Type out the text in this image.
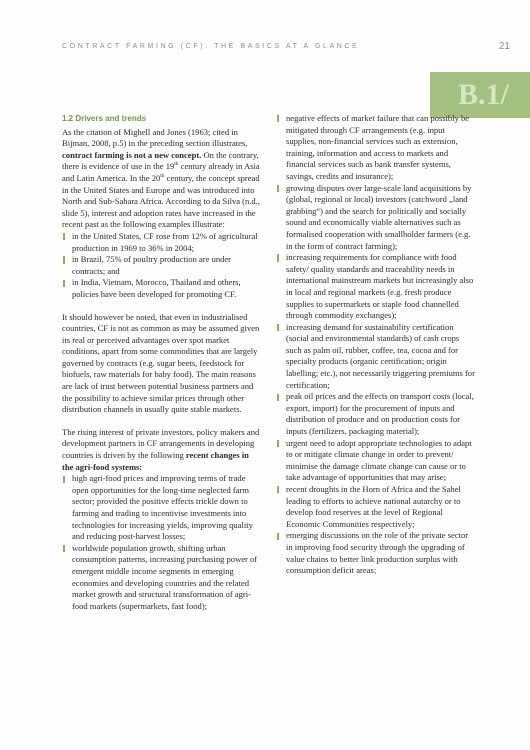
CONTRACT FARMING (CF): THE BASICS AT A GLANCE	21
B.1/
1.2 Drivers and trends

As the citation of Mighell and Jones (1963; cited in Bijman, 2008, p.5) in the preceding section illustrates, contract farming is not a new concept. On the contrary, there is evidence of use in the 19th century already in Asia and Latin America. In the 20th century, the concept spread in the United States and Europe and was introduced into North and Sub-Sahara Africa. According to da Silva (n.d., slide 5), interest and adoption rates have increased in the recent past as the following examples illustrate:

in the United States, CF rose from 12% of agricultural production in 1969 to 36% in 2004;
in Brazil, 75% of poultry production are under contracts; and
in India, Vietnam, Morocco, Thailand and others, policies have been developed for promoting CF.

It should however be noted, that even in industrialised countries, CF is not as common as may be assumed given its real or perceived advantages over spot market conditions, apart from some commodities that are largely governed by contracts (e.g. sugar beets, feedstock for biofuels, raw materials for baby food). The main reasons are lack of trust between potential business partners and the possibility to achieve similar prices through other distribution channels in usually quite stable markets.

The rising interest of private investors, policy makers and development partners in CF arrangements in developing countries is driven by the following recent changes in the agri-food systems:

high agri-food prices and improving terms of trade open opportunities for the long-time neglected farm sector; provided the positive effects trickle down to farming and trading to incentivise investments into technologies for increasing yields, improving quality and reducing post-harvest losses;
worldwide population growth, shifting urban consumption patterns, increasing purchasing power of emergent middle income segments in emerging economies and developing countries and the related market growth and structural transformation of agri-food markets (supermarkets, fast food);
negative effects of market failure that can possibly be mitigated through CF arrangements (e.g. input supplies, non-financial services such as extension, training, information and access to markets and financial services such as bank transfer systems, savings, credits and insurance);
growing disputes over large-scale land acquisitions by (global, regional or local) investors (catchword „land grabbing“) and the search for politically and socially sound and economically viable alternatives such as formalised cooperation with smallholder farmers (e.g. in the form of contract farming);
increasing requirements for compliance with food safety/ quality standards and traceability needs in international mainstream markets but increasingly also in local and regional markets (e.g. fresh produce supplies to supermarkets or staple food channelled through commodity exchanges);
increasing demand for sustainability certification (social and environmental standards) of cash crops such as palm oil, rubber, coffee, tea, cocoa and for specialty products (organic certification; origin labelling; etc.), not necessarily triggering premiums for certification;
peak oil prices and the effects on transport costs (local, export, import) for the procurement of inputs and distribution of produce and on production costs for inputs (fertilizers, packaging material);
urgent need to adopt appropriate technologies to adapt to or mitigate climate change in order to prevent/ minimise the damage climate change can cause or to take advantage of opportunities that may arise;
recent droughts in the Horn of Africa and the Sahel leading to efforts to achieve national autarchy or to develop food reserves at the level of Regional Economic Communities respectively;
emerging discussions on the role of the private sector in improving food security through the upgrading of value chains to better link production surplus with consumption deficit areas;
